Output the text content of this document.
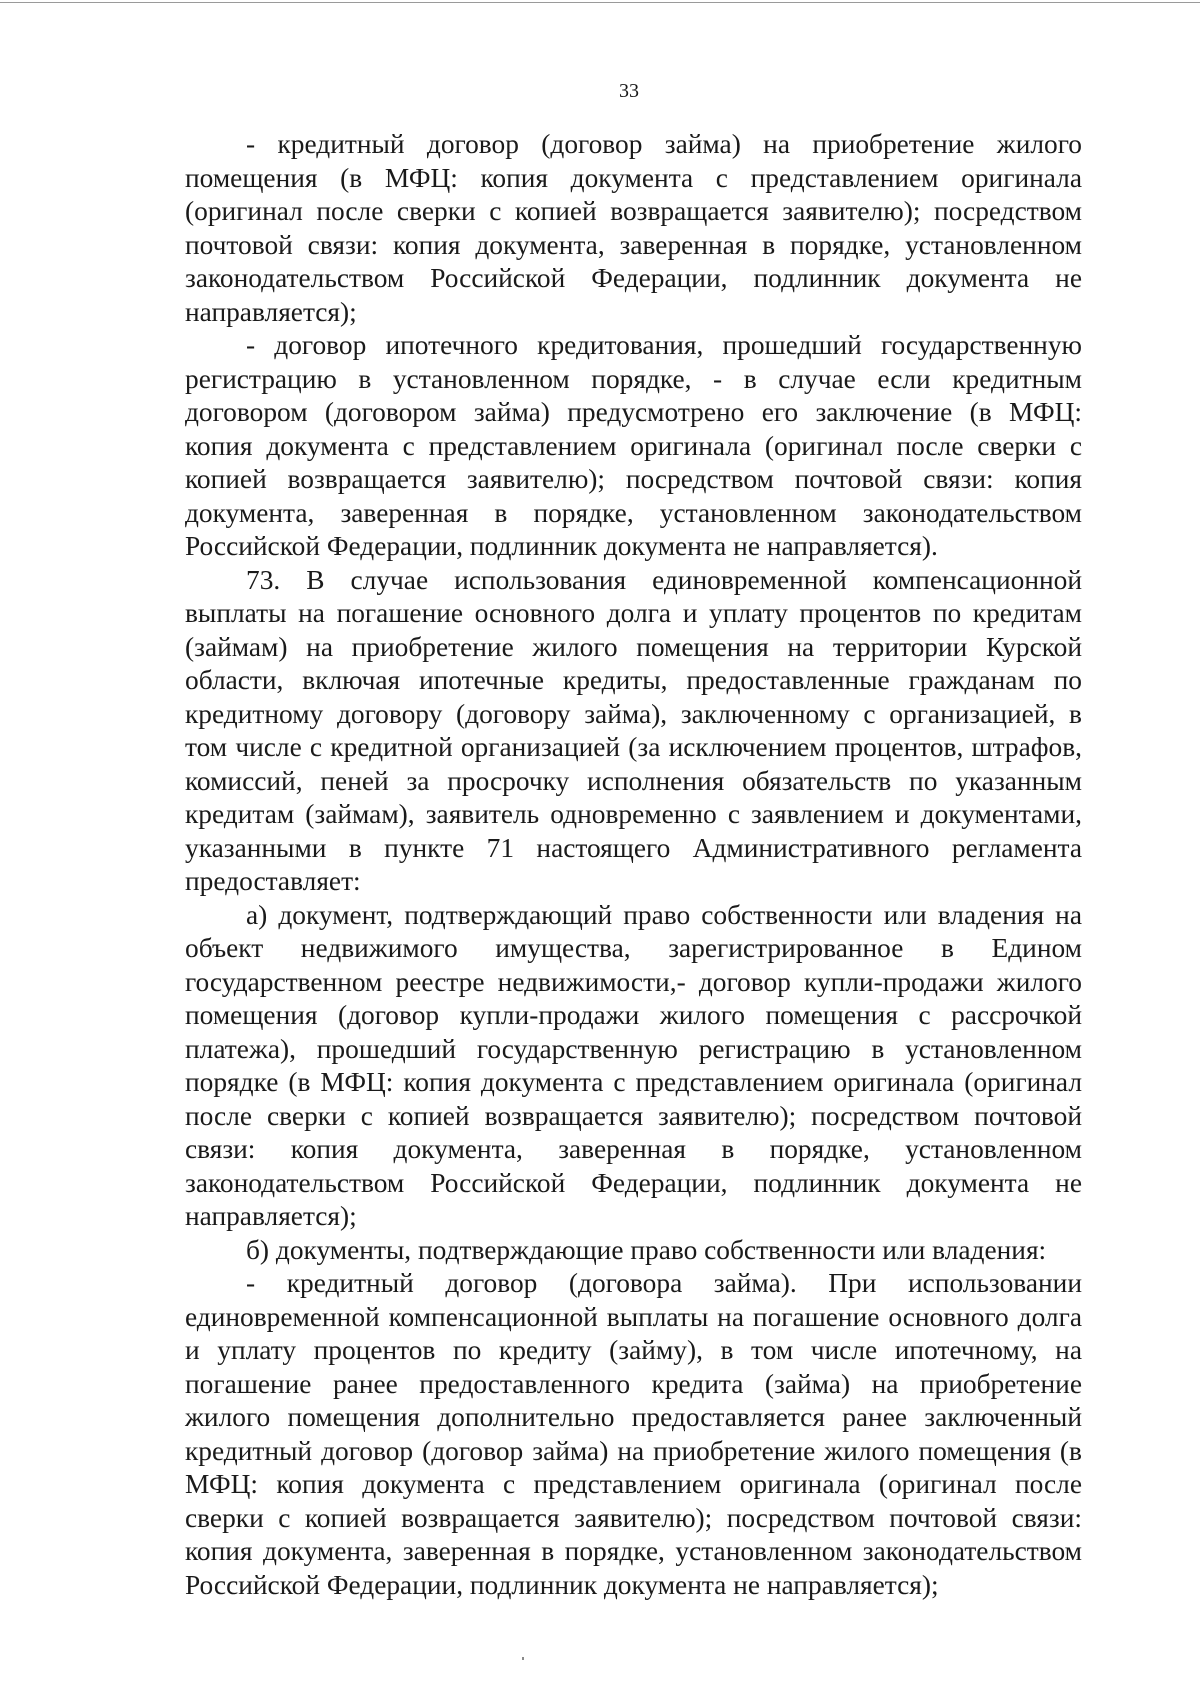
33

- кредитный договор (договор займа) на приобретение жилого помещения (в МФЦ: копия документа с представлением оригинала (оригинал после сверки с копией возвращается заявителю); посредством почтовой связи: копия документа, заверенная в порядке, установленном законодательством Российской Федерации, подлинник документа не направляется);

- договор ипотечного кредитования, прошедший государственную регистрацию в установленном порядке, - в случае если кредитным договором (договором займа) предусмотрено его заключение (в МФЦ: копия документа с представлением оригинала (оригинал после сверки с копией возвращается заявителю); посредством почтовой связи: копия документа, заверенная в порядке, установленном законодательством Российской Федерации, подлинник документа не направляется).

73. В случае использования единовременной компенсационной выплаты на погашение основного долга и уплату процентов по кредитам (займам) на приобретение жилого помещения на территории Курской области, включая ипотечные кредиты, предоставленные гражданам по кредитному договору (договору займа), заключенному с организацией, в том числе с кредитной организацией (за исключением процентов, штрафов, комиссий, пеней за просрочку исполнения обязательств по указанным кредитам (займам), заявитель одновременно с заявлением и документами, указанными в пункте 71 настоящего Административного регламента предоставляет:

а) документ, подтверждающий право собственности или владения на объект недвижимого имущества, зарегистрированное в Едином государственном реестре недвижимости,- договор купли-продажи жилого помещения (договор купли-продажи жилого помещения с рассрочкой платежа), прошедший государственную регистрацию в установленном порядке (в МФЦ: копия документа с представлением оригинала (оригинал после сверки с копией возвращается заявителю); посредством почтовой связи: копия документа, заверенная в порядке, установленном законодательством Российской Федерации, подлинник документа не направляется);

б) документы, подтверждающие право собственности или владения:

- кредитный договор (договора займа). При использовании единовременной компенсационной выплаты на погашение основного долга и уплату процентов по кредиту (займу), в том числе ипотечному, на погашение ранее предоставленного кредита (займа) на приобретение жилого помещения дополнительно предоставляется ранее заключенный кредитный договор (договор займа) на приобретение жилого помещения (в МФЦ: копия документа с представлением оригинала (оригинал после сверки с копией возвращается заявителю); посредством почтовой связи: копия документа, заверенная в порядке, установленном законодательством Российской Федерации, подлинник документа не направляется);
